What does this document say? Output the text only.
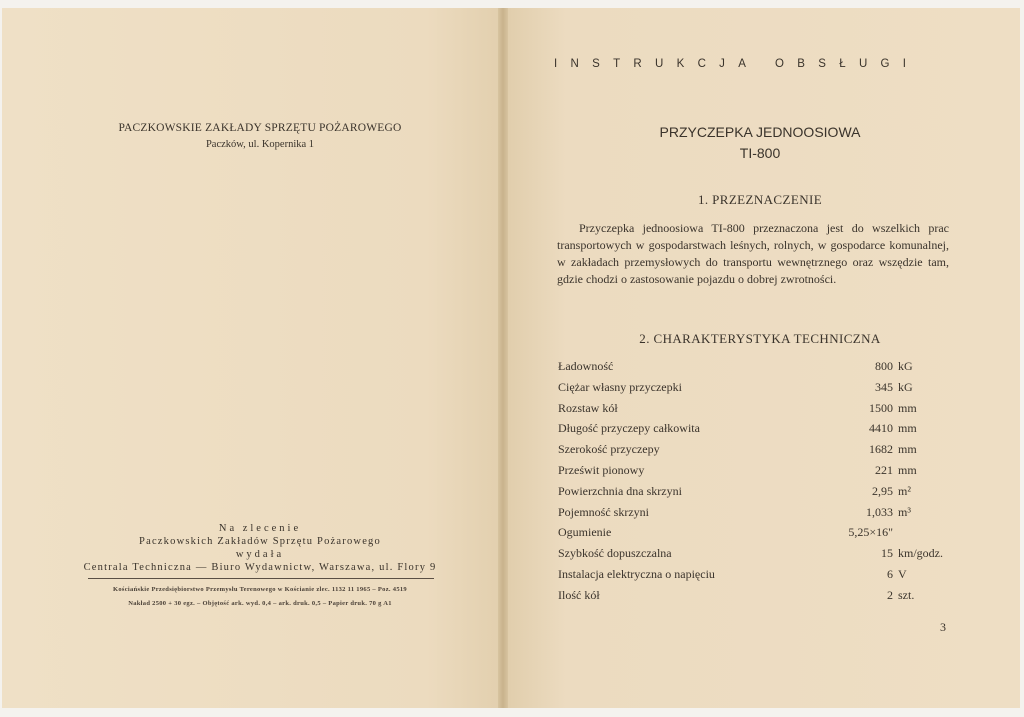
PACZKOWSKIE ZAKŁADY SPRZĘTU POŻAROWEGO
Paczków, ul. Kopernika 1
Na zlecenie
Paczkowskich Zakładów Sprzętu Pożarowego
wydała
Centrala Techniczna — Biuro Wydawnictw, Warszawa, ul. Flory 9
Kościańskie Przedsiębiorstwo Przemysłu Terenowego w Kościanie zlec. 1132 11 1965 – Poz. 4519
Nakład 2500 + 30 egz. – Objętość ark. wyd. 0,4 – ark. druk. 0,5 – Papier druk. 70 g A1
INSTRUKCJA OBSŁUGI
PRZYCZEPKA JEDNOOSIOWA
TI-800
1. PRZEZNACZENIE
Przyczepka jednoosiowa TI-800 przeznaczona jest do wszelkich prac transportowych w gospodarstwach leśnych, rolnych, w gospodarce komunalnej, w zakładach przemysłowych do transportu wewnętrznego oraz wszędzie tam, gdzie chodzi o zastosowanie pojazdu o dobrej zwrotności.
2. CHARAKTERYSTYKA TECHNICZNA
Ładowność	800 kG
Ciężar własny przyczepki	345 kG
Rozstaw kół	1500 mm
Długość przyczepy całkowita	4410 mm
Szerokość przyczepy	1682 mm
Prześwit pionowy	221 mm
Powierzchnia dna skrzyni	2,95 m²
Pojemność skrzyni	1,033 m³
Ogumienie	5,25×16"
Szybkość dopuszczalna	15 km/godz.
Instalacja elektryczna o napięciu	6 V
Ilość kół	2 szt.
3
